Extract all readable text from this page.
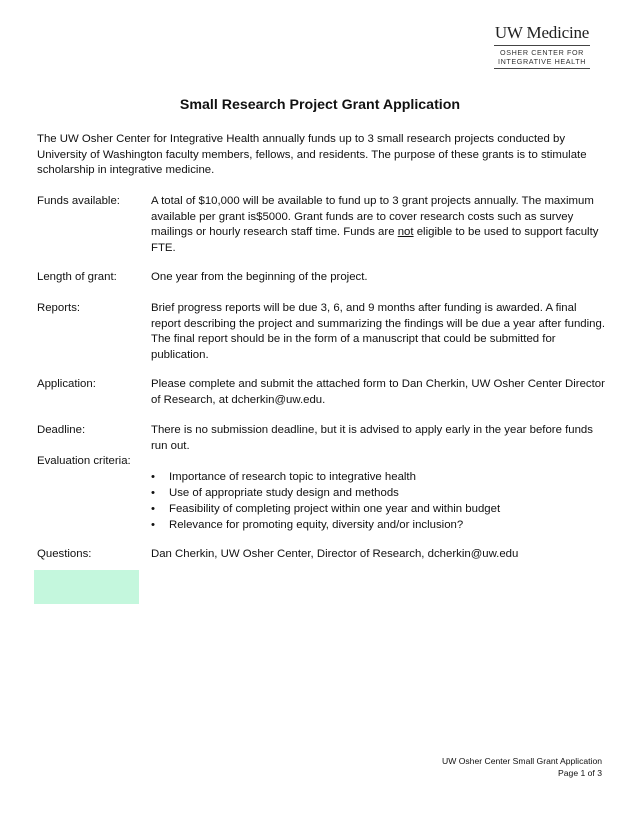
UW Medicine
OSHER CENTER FOR
INTEGRATIVE HEALTH
Small Research Project Grant Application

The UW Osher Center for Integrative Health annually funds up to 3 small research projects conducted by University of Washington faculty members, fellows, and residents. The purpose of these grants is to stimulate scholarship in integrative medicine.

Funds available:	A total of $10,000 will be available to fund up to 3 grant projects annually. The maximum available per grant is$5000. Grant funds are to cover research costs such as survey mailings or hourly research staff time. Funds are not eligible to be used to support faculty FTE.
Length of grant:	One year from the beginning of the project.
Reports:	Brief progress reports will be due 3, 6, and 9 months after funding is awarded. A final report describing the project and summarizing the findings will be due a year after funding. The final report should be in the form of a manuscript that could be submitted for publication.
Application:	Please complete and submit the attached form to Dan Cherkin, UW Osher Center Director of Research, at dcherkin@uw.edu.
Deadline:	There is no submission deadline, but it is advised to apply early in the year before funds run out.
Evaluation criteria:
• Importance of research topic to integrative health
• Use of appropriate study design and methods
• Feasibility of completing project within one year and within budget
• Relevance for promoting equity, diversity and/or inclusion?
Questions:	Dan Cherkin, UW Osher Center, Director of Research, dcherkin@uw.edu
UW Osher Center Small Grant Application
Page 1 of 3
